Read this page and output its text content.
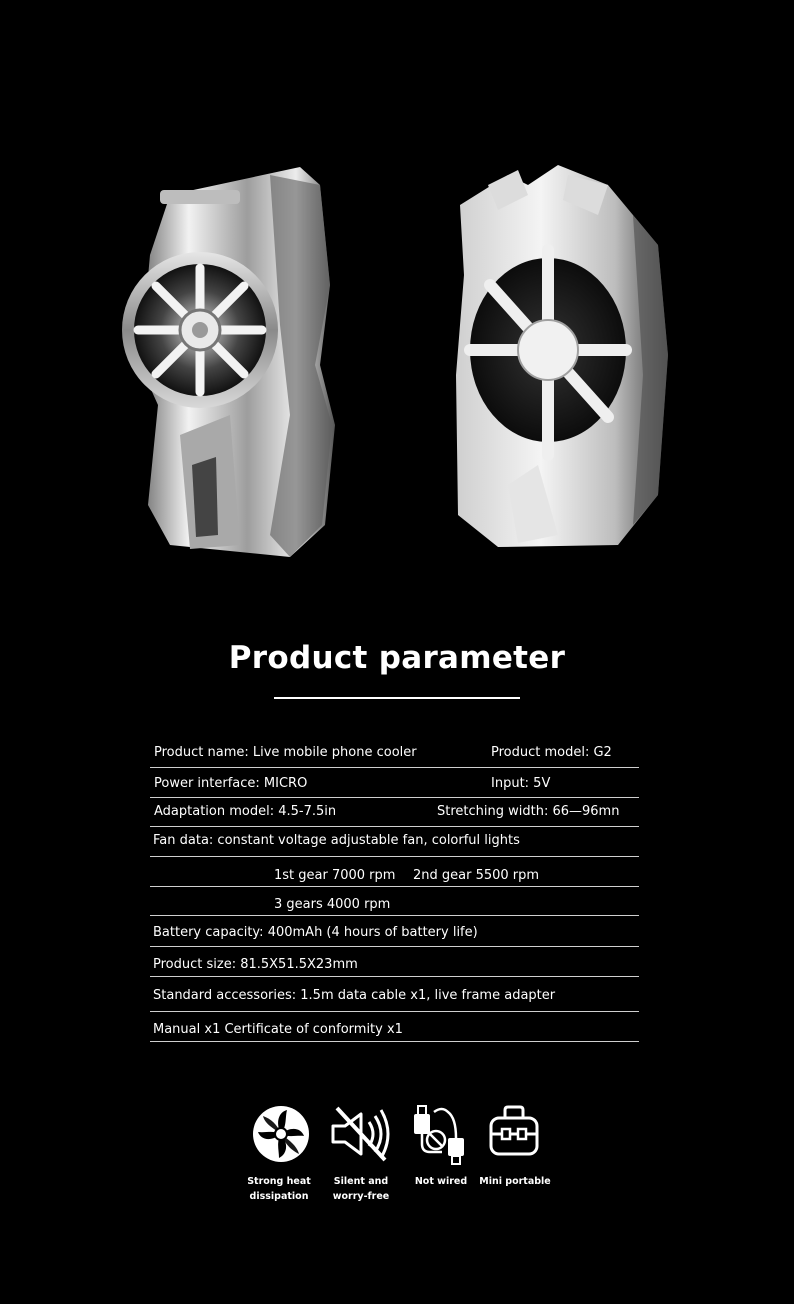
Product parameter
Product name: Live mobile phone cooler	Product model: G2
Power interface: MICRO	Input: 5V
Adaptation model: 4.5-7.5in	Stretching width: 66—96mn
Fan data: constant voltage adjustable fan, colorful lights
1st gear 7000 rpm 2nd gear 5500 rpm
3 gears 4000 rpm
Battery capacity: 400mAh (4 hours of battery life)
Product size: 81.5X51.5X23mm
Standard accessories: 1.5m data cable x1, live frame adapter
Manual x1 Certificate of conformity x1
Strong heat
dissipation
Silent and
worry-free
Not wired	Mini portable
